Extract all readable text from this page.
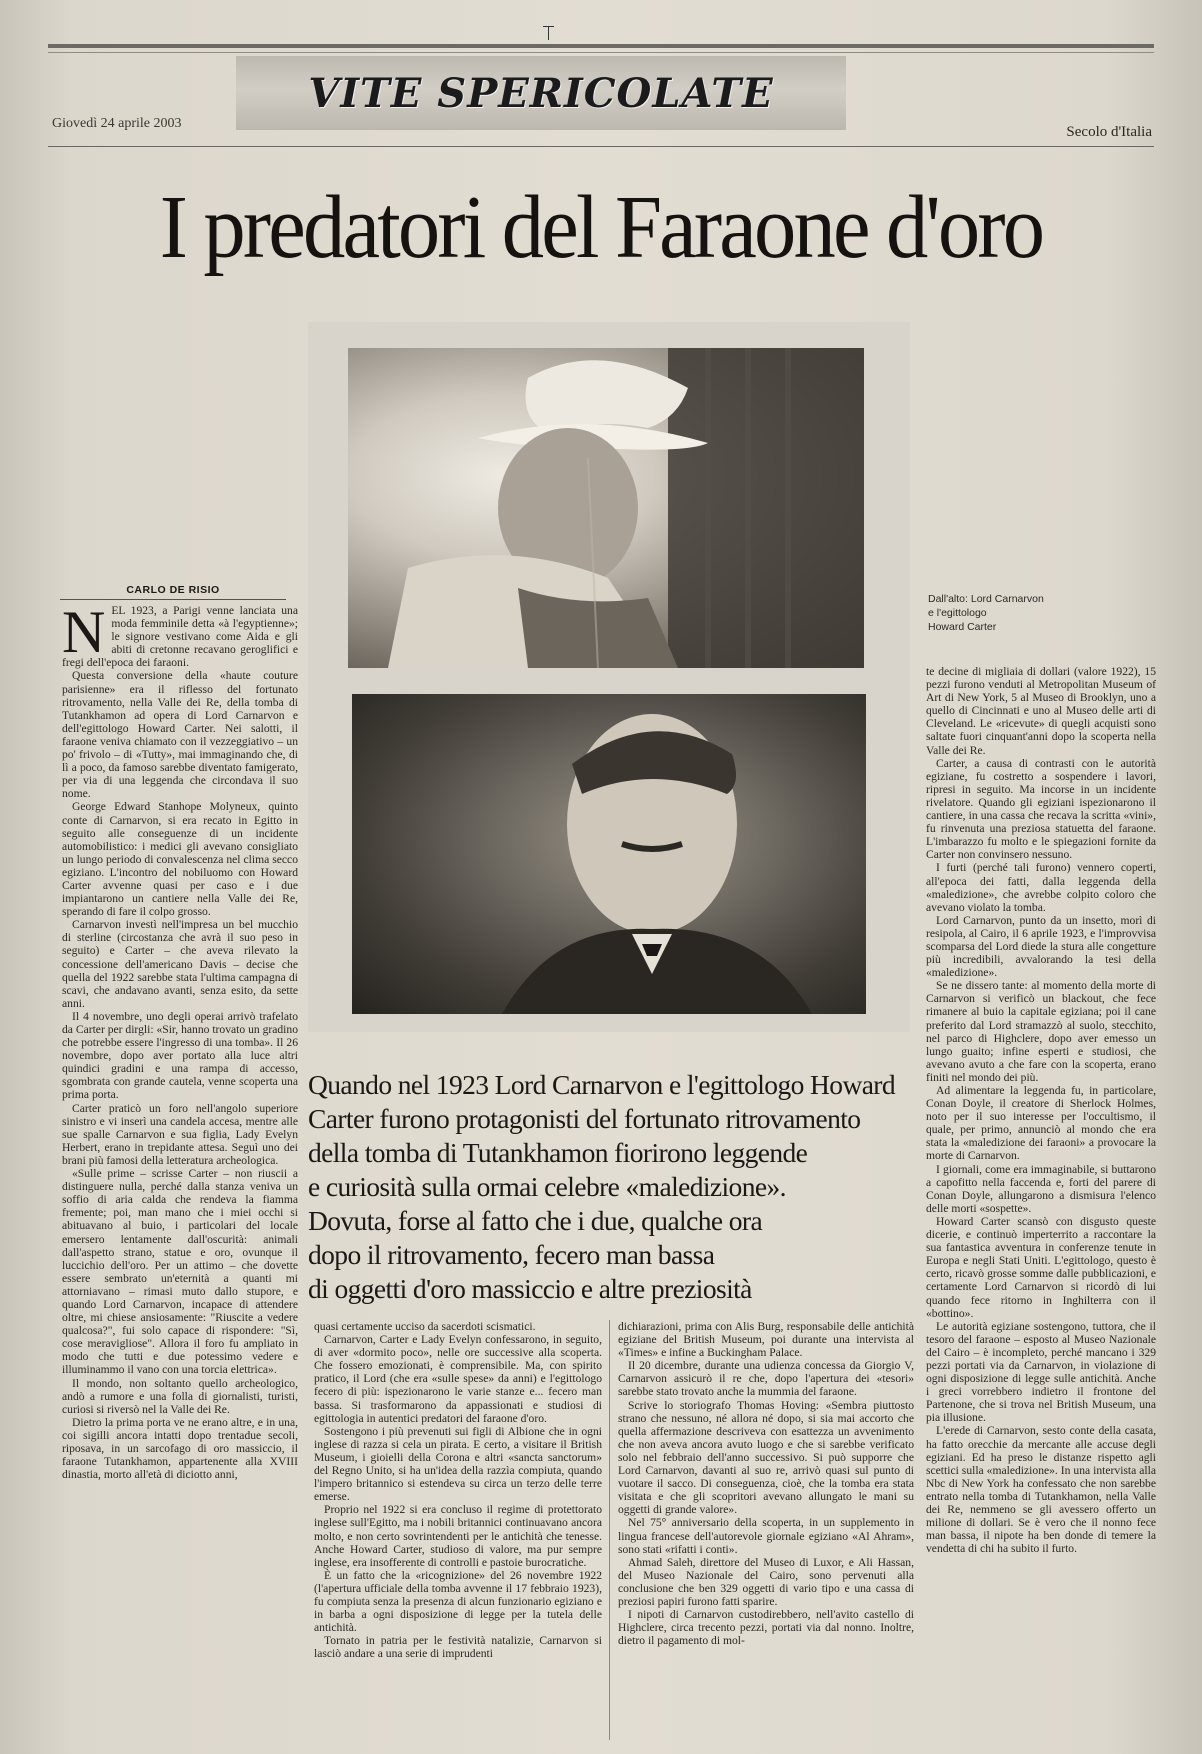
VITE SPERICOLATE
Giovedì 24 aprile 2003
Secolo d'Italia
I predatori del Faraone d'oro
Dall'alto: Lord Carnarvon
e l'egittologo
Howard Carter
CARLO DE RISIO

NEL 1923, a Parigi venne lanciata una moda femminile detta «à l'egyptienne»; le signore vestivano come Aida e gli abiti di cretonne recavano geroglifici e fregi dell'epoca dei faraoni.

Questa conversione della «haute couture parisienne» era il riflesso del fortunato ritrovamento, nella Valle dei Re, della tomba di Tutankhamon ad opera di Lord Carnarvon e dell'egittologo Howard Carter. Nei salotti, il faraone veniva chiamato con il vezzeggiativo – un po' frivolo – di «Tutty», mai immaginando che, di lì a poco, da famoso sarebbe diventato famigerato, per via di una leggenda che circondava il suo nome.

George Edward Stanhope Molyneux, quinto conte di Carnarvon, si era recato in Egitto in seguito alle conseguenze di un incidente automobilistico: i medici gli avevano consigliato un lungo periodo di convalescenza nel clima secco egiziano. L'incontro del nobiluomo con Howard Carter avvenne quasi per caso e i due impiantarono un cantiere nella Valle dei Re, sperando di fare il colpo grosso.

Carnarvon investì nell'impresa un bel mucchio di sterline (circostanza che avrà il suo peso in seguito) e Carter – che aveva rilevato la concessione dell'americano Davis – decise che quella del 1922 sarebbe stata l'ultima campagna di scavi, che andavano avanti, senza esito, da sette anni.

Il 4 novembre, uno degli operai arrivò trafelato da Carter per dirgli: «Sir, hanno trovato un gradino che potrebbe essere l'ingresso di una tomba». Il 26 novembre, dopo aver portato alla luce altri quindici gradini e una rampa di accesso, sgombrata con grande cautela, venne scoperta una prima porta.

Carter praticò un foro nell'angolo superiore sinistro e vi inserì una candela accesa, mentre alle sue spalle Carnarvon e sua figlia, Lady Evelyn Herbert, erano in trepidante attesa. Seguì uno dei brani più famosi della letteratura archeologica.

«Sulle prime – scrisse Carter – non riuscii a distinguere nulla, perché dalla stanza veniva un soffio di aria calda che rendeva la fiamma fremente; poi, man mano che i miei occhi si abituavano al buio, i particolari del locale emersero lentamente dall'oscurità: animali dall'aspetto strano, statue e oro, ovunque il luccichio dell'oro. Per un attimo – che dovette essere sembrato un'eternità a quanti mi attorniavano – rimasi muto dallo stupore, e quando Lord Carnarvon, incapace di attendere oltre, mi chiese ansiosamente: "Riuscite a vedere qualcosa?", fui solo capace di rispondere: "Sì, cose meravigliose". Allora il foro fu ampliato in modo che tutti e due potessimo vedere e illuminammo il vano con una torcia elettrica».

Il mondo, non soltanto quello archeologico, andò a rumore e una folla di giornalisti, turisti, curiosi si riversò nel la Valle dei Re.

Dietro la prima porta ve ne erano altre, e in una, coi sigilli ancora intatti dopo trentadue secoli, riposava, in un sarcofago di oro massiccio, il faraone Tutankhamon, appartenente alla XVIII dinastia, morto all'età di diciotto anni,

Quando nel 1923 Lord Carnarvon e l'egittologo Howard
Carter furono protagonisti del fortunato ritrovamento
della tomba di Tutankhamon fiorirono leggende
e curiosità sulla ormai celebre «maledizione».
Dovuta, forse al fatto che i due, qualche ora
dopo il ritrovamento, fecero man bassa
di oggetti d'oro massiccio e altre preziosità

quasi certamente ucciso da sacerdoti scismatici.

Carnarvon, Carter e Lady Evelyn confessarono, in seguito, di aver «dormito poco», nelle ore successive alla scoperta. Che fossero emozionati, è comprensibile. Ma, con spirito pratico, il Lord (che era «sulle spese» da anni) e l'egittologo fecero di più: ispezionarono le varie stanze e... fecero man bassa. Si trasformarono da appassionati e studiosi di egittologia in autentici predatori del faraone d'oro.

Sostengono i più prevenuti sui figli di Albione che in ogni inglese di razza si cela un pirata. E certo, a visitare il British Museum, i gioielli della Corona e altri «sancta sanctorum» del Regno Unito, si ha un'idea della razzìa compiuta, quando l'impero britannico si estendeva su circa un terzo delle terre emerse.

Proprio nel 1922 si era concluso il regime di protettorato inglese sull'Egitto, ma i nobili britannici continuavano ancora molto, e non certo sovrintendenti per le antichità che tenesse. Anche Howard Carter, studioso di valore, ma pur sempre inglese, era insofferente di controlli e pastoie burocratiche.

È un fatto che la «ricognizione» del 26 novembre 1922 (l'apertura ufficiale della tomba avvenne il 17 febbraio 1923), fu compiuta senza la presenza di alcun funzionario egiziano e in barba a ogni disposizione di legge per la tutela delle antichità.

Tornato in patria per le festività natalizie, Carnarvon si lasciò andare a una serie di imprudenti

dichiarazioni, prima con Alis Burg, responsabile delle antichità egiziane del British Museum, poi durante una intervista al «Times» e infine a Buckingham Palace.

Il 20 dicembre, durante una udienza concessa da Giorgio V, Carnarvon assicurò il re che, dopo l'apertura dei «tesori» sarebbe stato trovato anche la mummia del faraone.

Scrive lo storiografo Thomas Hoving: «Sembra piuttosto strano che nessuno, né allora né dopo, si sia mai accorto che quella affermazione descriveva con esattezza un avvenimento che non aveva ancora avuto luogo e che si sarebbe verificato solo nel febbraio dell'anno successivo. Si può supporre che Lord Carnarvon, davanti al suo re, arrivò quasi sul punto di vuotare il sacco. Di conseguenza, cioè, che la tomba era stata visitata e che gli scopritori avevano allungato le mani su oggetti di grande valore».

Nel 75° anniversario della scoperta, in un supplemento in lingua francese dell'autorevole giornale egiziano «Al Ahram», sono stati «rifatti i conti».

Ahmad Saleh, direttore del Museo di Luxor, e Ali Hassan, del Museo Nazionale del Cairo, sono pervenuti alla conclusione che ben 329 oggetti di vario tipo e una cassa di preziosi papiri furono fatti sparire.

I nipoti di Carnarvon custodirebbero, nell'avito castello di Highclere, circa trecento pezzi, portati via dal nonno. Inoltre, dietro il pagamento di mol-

te decine di migliaia di dollari (valore 1922), 15 pezzi furono venduti al Metropolitan Museum of Art di New York, 5 al Museo di Brooklyn, uno a quello di Cincinnati e uno al Museo delle arti di Cleveland. Le «ricevute» di quegli acquisti sono saltate fuori cinquant'anni dopo la scoperta nella Valle dei Re.

Carter, a causa di contrasti con le autorità egiziane, fu costretto a sospendere i lavori, ripresi in seguito. Ma incorse in un incidente rivelatore. Quando gli egiziani ispezionarono il cantiere, in una cassa che recava la scritta «vini», fu rinvenuta una preziosa statuetta del faraone. L'imbarazzo fu molto e le spiegazioni fornite da Carter non convinsero nessuno.

I furti (perché tali furono) vennero coperti, all'epoca dei fatti, dalla leggenda della «maledizione», che avrebbe colpito coloro che avevano violato la tomba.

Lord Carnarvon, punto da un insetto, morì di resipola, al Cairo, il 6 aprile 1923, e l'improvvisa scomparsa del Lord diede la stura alle congetture più incredibili, avvalorando la tesi della «maledizione».

Se ne dissero tante: al momento della morte di Carnarvon si verificò un blackout, che fece rimanere al buio la capitale egiziana; poi il cane preferito dal Lord stramazzò al suolo, stecchito, nel parco di Highclere, dopo aver emesso un lungo guaito; infine esperti e studiosi, che avevano avuto a che fare con la scoperta, erano finiti nel mondo dei più.

Ad alimentare la leggenda fu, in particolare, Conan Doyle, il creatore di Sherlock Holmes, noto per il suo interesse per l'occultismo, il quale, per primo, annunciò al mondo che era stata la «maledizione dei faraoni» a provocare la morte di Carnarvon.

I giornali, come era immaginabile, si buttarono a capofitto nella faccenda e, forti del parere di Conan Doyle, allungarono a dismisura l'elenco delle morti «sospette».

Howard Carter scansò con disgusto queste dicerie, e continuò imperterrito a raccontare la sua fantastica avventura in conferenze tenute in Europa e negli Stati Uniti. L'egittologo, questo è certo, ricavò grosse somme dalle pubblicazioni, e certamente Lord Carnarvon si ricordò di lui quando fece ritorno in Inghilterra con il «bottino».

Le autorità egiziane sostengono, tuttora, che il tesoro del faraone – esposto al Museo Nazionale del Cairo – è incompleto, perché mancano i 329 pezzi portati via da Carnarvon, in violazione di ogni disposizione di legge sulle antichità. Anche i greci vorrebbero indietro il frontone del Partenone, che si trova nel British Museum, una pia illusione.

L'erede di Carnarvon, sesto conte della casata, ha fatto orecchie da mercante alle accuse degli egiziani. Ed ha preso le distanze rispetto agli scettici sulla «maledizione». In una intervista alla Nbc di New York ha confessato che non sarebbe entrato nella tomba di Tutankhamon, nella Valle dei Re, nemmeno se gli avessero offerto un milione di dollari. Se è vero che il nonno fece man bassa, il nipote ha ben donde di temere la vendetta di chi ha subito il furto.
